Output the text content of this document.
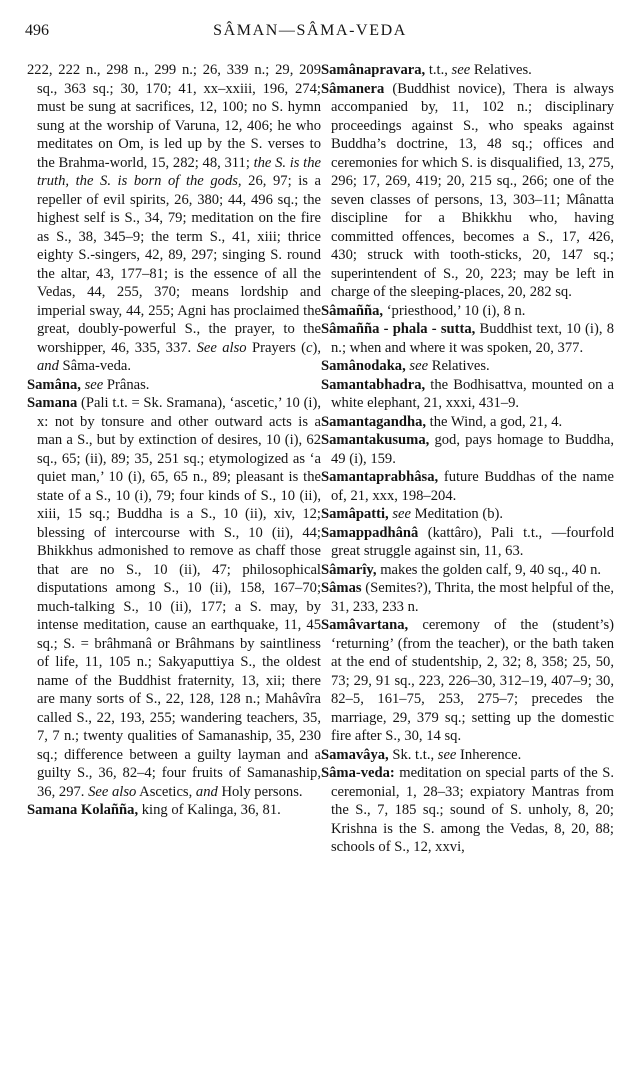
496	SÂMAN—SÂMA-VEDA

222, 222 n., 298 n., 299 n.; 26, 339 n.; 29, 209 sq., 363 sq.; 30, 170; 41, xx–xxiii, 196, 274; must be sung at sacrifices, 12, 100; no S. hymn sung at the worship of Varuna, 12, 406; he who meditates on Om, is led up by the S. verses to the Brahma-world, 15, 282; 48, 311; the S. is the truth, the S. is born of the gods, 26, 97; is a repeller of evil spirits, 26, 380; 44, 496 sq.; the highest self is S., 34, 79; meditation on the fire as S., 38, 345–9; the term S., 41, xiii; thrice eighty S.-singers, 42, 89, 297; singing S. round the altar, 43, 177–81; is the essence of all the Vedas, 44, 255, 370; means lordship and imperial sway, 44, 255; Agni has proclaimed the great, doubly-powerful S., the prayer, to the worshipper, 46, 335, 337. See also Prayers (c), and Sâma-veda.

Samâna, see Prânas.

Samana (Pali t.t. = Sk. Sramana), ‘ascetic,’ 10 (i), x: not by tonsure and other outward acts is a man a S., but by extinction of desires, 10 (i), 62 sq., 65; (ii), 89; 35, 251 sq.; etymologized as ‘a quiet man,’ 10 (i), 65, 65 n., 89; pleasant is the state of a S., 10 (i), 79; four kinds of S., 10 (ii), xiii, 15 sq.; Buddha is a S., 10 (ii), xiv, 12; blessing of intercourse with S., 10 (ii), 44; Bhikkhus admonished to remove as chaff those that are no S., 10 (ii), 47; philosophical disputations among S., 10 (ii), 158, 167–70; much-talking S., 10 (ii), 177; a S. may, by intense meditation, cause an earthquake, 11, 45 sq.; S. = brâhmanâ or Brâhmans by saintliness of life, 11, 105 n.; Sakyaputtiya S., the oldest name of the Buddhist fraternity, 13, xii; there are many sorts of S., 22, 128, 128 n.; Mahâvîra called S., 22, 193, 255; wandering teachers, 35, 7, 7 n.; twenty qualities of Samanaship, 35, 230 sq.; difference between a guilty layman and a guilty S., 36, 82–4; four fruits of Samanaship, 36, 297. See also Ascetics, and Holy persons.

Samana Kolañña, king of Kalinga, 36, 81.

Samânapravara, t.t., see Relatives.

Sâmanera (Buddhist novice), Thera is always accompanied by, 11, 102 n.; disciplinary proceedings against S., who speaks against Buddha’s doctrine, 13, 48 sq.; offices and ceremonies for which S. is disqualified, 13, 275, 296; 17, 269, 419; 20, 215 sq., 266; one of the seven classes of persons, 13, 303–11; Mânatta discipline for a Bhikkhu who, having committed offences, becomes a S., 17, 426, 430; struck with tooth-sticks, 20, 147 sq.; superintendent of S., 20, 223; may be left in charge of the sleeping-places, 20, 282 sq.

Sâmañña, ‘priesthood,’ 10 (i), 8 n.

Sâmañña - phala - sutta, Buddhist text, 10 (i), 8 n.; when and where it was spoken, 20, 377.

Samânodaka, see Relatives.

Samantabhadra, the Bodhisattva, mounted on a white elephant, 21, xxxi, 431–9.

Samantagandha, the Wind, a god, 21, 4.

Samantakusuma, god, pays homage to Buddha, 49 (i), 159.

Samantaprabhâsa, future Buddhas of the name of, 21, xxx, 198–204.

Samâpatti, see Meditation (b).

Samappadhânâ (kattâro), Pali t.t., —fourfold great struggle against sin, 11, 63.

Sâmarîy, makes the golden calf, 9, 40 sq., 40 n.

Sâmas (Semites?), Thrita, the most helpful of the, 31, 233, 233 n.

Samâvartana, ceremony of the (student’s) ‘returning’ (from the teacher), or the bath taken at the end of studentship, 2, 32; 8, 358; 25, 50, 73; 29, 91 sq., 223, 226–30, 312–19, 407–9; 30, 82–5, 161–75, 253, 275–7; precedes the marriage, 29, 379 sq.; setting up the domestic fire after S., 30, 14 sq.

Samavâya, Sk. t.t., see Inherence.

Sâma-veda: meditation on special parts of the S. ceremonial, 1, 28–33; expiatory Mantras from the S., 7, 185 sq.; sound of S. unholy, 8, 20; Krishna is the S. among the Vedas, 8, 20, 88; schools of S., 12, xxvi,
